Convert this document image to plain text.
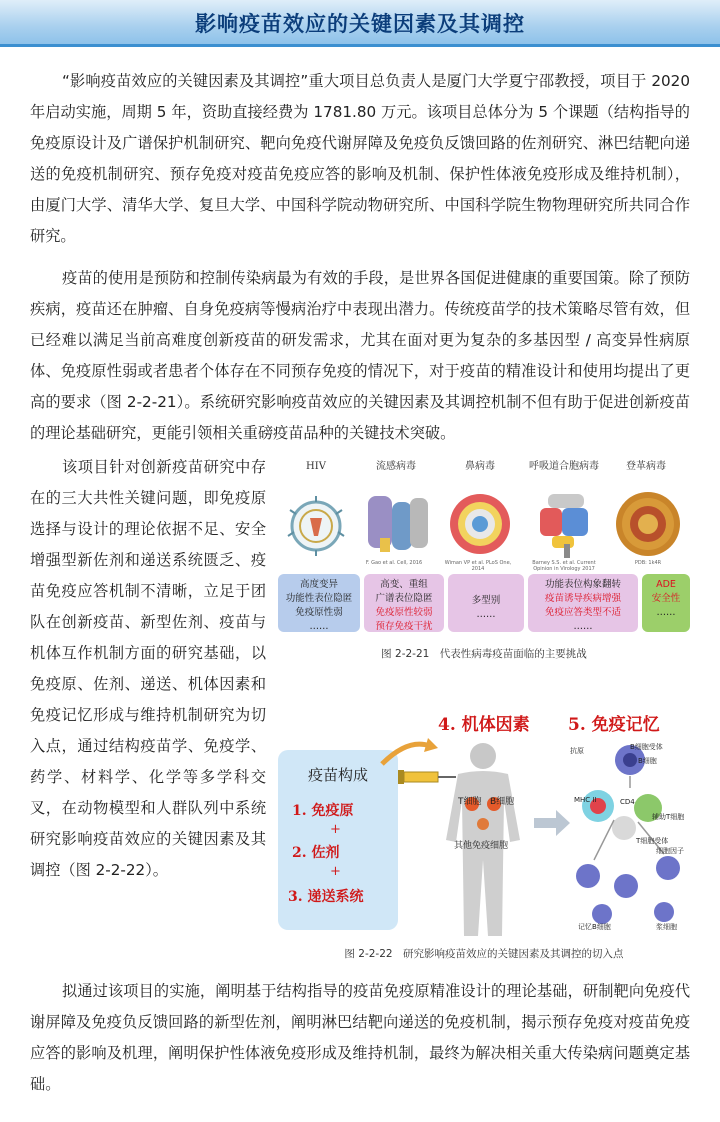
影响疫苗效应的关键因素及其调控

“影响疫苗效应的关键因素及其调控”重大项目总负责人是厦门大学夏宁邵教授，项目于 2020 年启动实施，周期 5 年，资助直接经费为 1781.80 万元。该项目总体分为 5 个课题（结构指导的免疫原设计及广谱保护机制研究、靶向免疫代谢屏障及免疫负反馈回路的佐剂研究、淋巴结靶向递送的免疫机制研究、预存免疫对疫苗免疫应答的影响及机制、保护性体液免疫形成及维持机制），由厦门大学、清华大学、复旦大学、中国科学院动物研究所、中国科学院生物物理研究所共同合作研究。

疫苗的使用是预防和控制传染病最为有效的手段，是世界各国促进健康的重要国策。除了预防疾病，疫苗还在肿瘤、自身免疫病等慢病治疗中表现出潜力。传统疫苗学的技术策略尽管有效，但已经难以满足当前高难度创新疫苗的研发需求，尤其在面对更为复杂的多基因型 / 高变异性病原体、免疫原性弱或者患者个体存在不同预存免疫的情况下，对于疫苗的精准设计和使用均提出了更高的要求（图 2-2-21）。系统研究影响疫苗效应的关键因素及其调控机制不但有助于促进创新疫苗的理论基础研究，更能引领相关重磅疫苗品种的关键技术突破。

该项目针对创新疫苗研究中存在的三大共性关键问题，即免疫原选择与设计的理论依据不足、安全增强型新佐剂和递送系统匮乏、疫苗免疫应答机制不清晰，立足于团队在创新疫苗、新型佐剂、疫苗与机体互作机制方面的研究基础，以免疫原、佐剂、递送、机体因素和免疫记忆形成与维持机制研究为切入点，通过结构疫苗学、免疫学、药学、材料学、化学等多学科交叉，在动物模型和人群队列中系统研究影响疫苗效应的关键因素及其调控（图 2-2-22）。

拟通过该项目的实施，阐明基于结构指导的疫苗免疫原精准设计的理论基础，研制靶向免疫代谢屏障及免疫负反馈回路的新型佐剂，阐明淋巴结靶向递送的免疫机制，揭示预存免疫对疫苗免疫应答的影响及机理，阐明保护性体液免疫形成及维持机制，最终为解决相关重大传染病问题奠定基础。

HIV	流感病毒	鼻病毒	呼吸道合胞病毒	登革病毒
F. Gao et al. Cell, 2016	Wiman VP et al. PLoS One, 2014
Barney S.S. et al. Current Opinion in Virology 2017
PDB: 1k4R
高度变异
功能性表位隐匿
免疫原性弱
……
高变、重组
广谱表位隐匿
免疫原性较弱
预存免疫干扰
多型别
……
功能表位构象翻转
疫苗诱导疾病增强
免疫应答类型不适
……
ADE
安全性
……
图 2-2-21　代表性病毒疫苗面临的主要挑战
疫苗构成
1. 免疫原
+
2. 佐剂
+
3. 递送系统
4. 机体因素 5. 免疫记忆
T细胞 B细胞
其他免疫细胞
抗原	B细胞受体
B细胞
MHC II	CD4
辅助T细胞
T细胞受体
细胞因子
记忆B细胞	浆细胞
图 2-2-22　研究影响疫苗效应的关键因素及其调控的切入点
